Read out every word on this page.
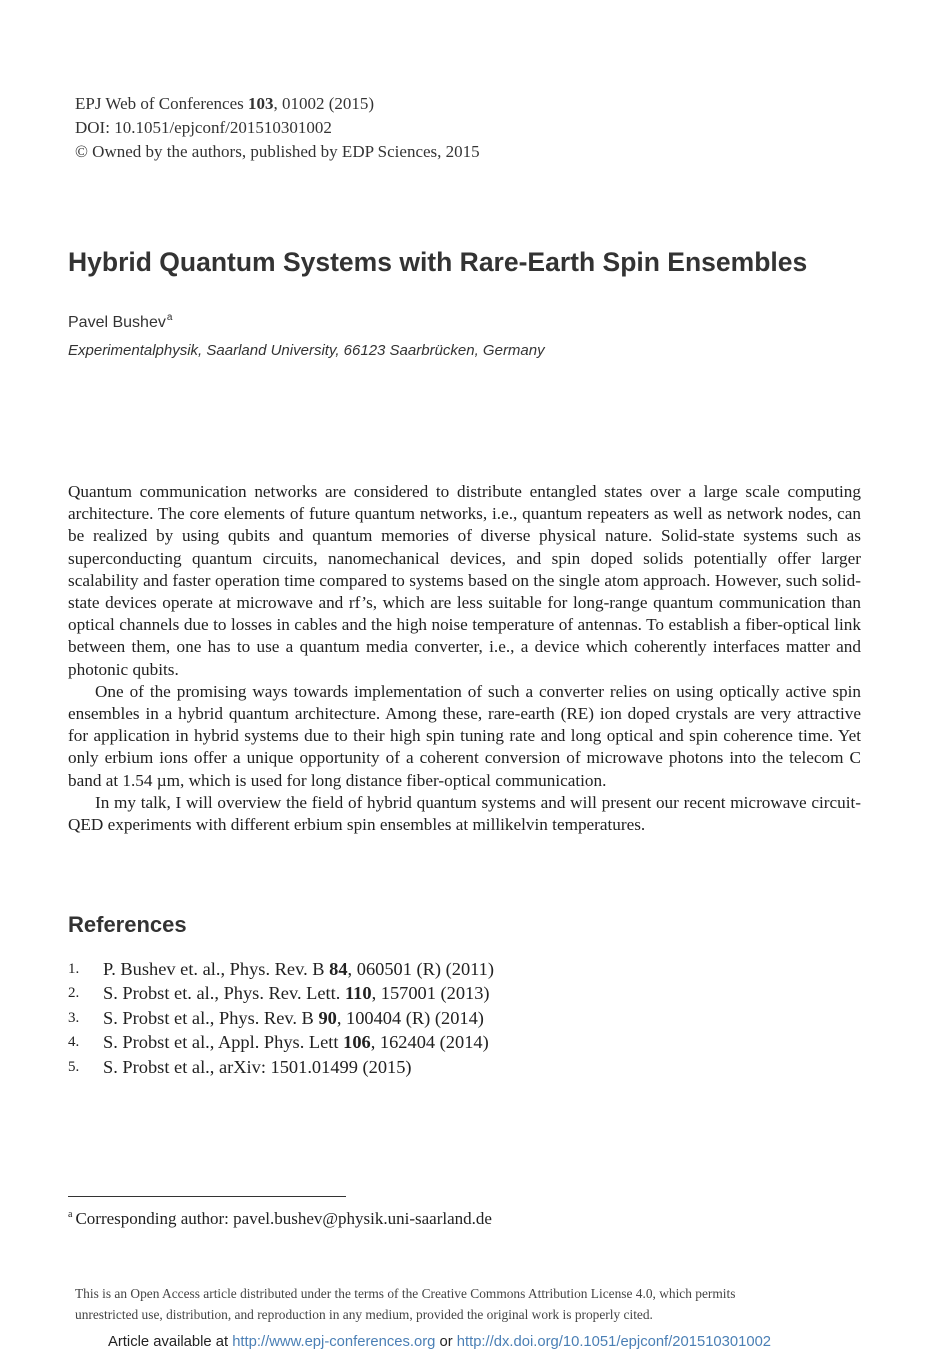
EPJ Web of Conferences 103, 01002 (2015)
DOI: 10.1051/epjconf/201510301002
© Owned by the authors, published by EDP Sciences, 2015
Hybrid Quantum Systems with Rare-Earth Spin Ensembles
Pavel Bushev$^a$
Experimentalphysik, Saarland University, 66123 Saarbrücken, Germany

Quantum communication networks are considered to distribute entangled states over a large scale computing architecture. The core elements of future quantum networks, i.e., quantum repeaters as well as network nodes, can be realized by using qubits and quantum memories of diverse physical nature. Solid-state systems such as superconducting quantum circuits, nanomechanical devices, and spin doped solids potentially offer larger scalability and faster operation time compared to systems based on the single atom approach. However, such solid-state devices operate at microwave and rf’s, which are less suitable for long-range quantum communication than optical channels due to losses in cables and the high noise temperature of antennas. To establish a fiber-optical link between them, one has to use a quantum media converter, i.e., a device which coherently interfaces matter and photonic qubits.

One of the promising ways towards implementation of such a converter relies on using optically active spin ensembles in a hybrid quantum architecture. Among these, rare-earth (RE) ion doped crystals are very attractive for application in hybrid systems due to their high spin tuning rate and long optical and spin coherence time. Yet only erbium ions offer a unique opportunity of a coherent conversion of microwave photons into the telecom C band at 1.54 µm, which is used for long distance fiber-optical communication.

In my talk, I will overview the field of hybrid quantum systems and will present our recent microwave circuit-QED experiments with different erbium spin ensembles at millikelvin temperatures.

References
1. P. Bushev et. al., Phys. Rev. B 84, 060501 (R) (2011)
2. S. Probst et. al., Phys. Rev. Lett. 110, 157001 (2013)
3. S. Probst et al., Phys. Rev. B 90, 100404 (R) (2014)
4. S. Probst et al., Appl. Phys. Lett 106, 162404 (2014)
5. S. Probst et al., arXiv: 1501.01499 (2015)
$^a$ Corresponding author: pavel.bushev@physik.uni-saarland.de
This is an Open Access article distributed under the terms of the Creative Commons Attribution License 4.0, which permits
unrestricted use, distribution, and reproduction in any medium, provided the original work is properly cited.
Article available at http://www.epj-conferences.org or http://dx.doi.org/10.1051/epjconf/201510301002
